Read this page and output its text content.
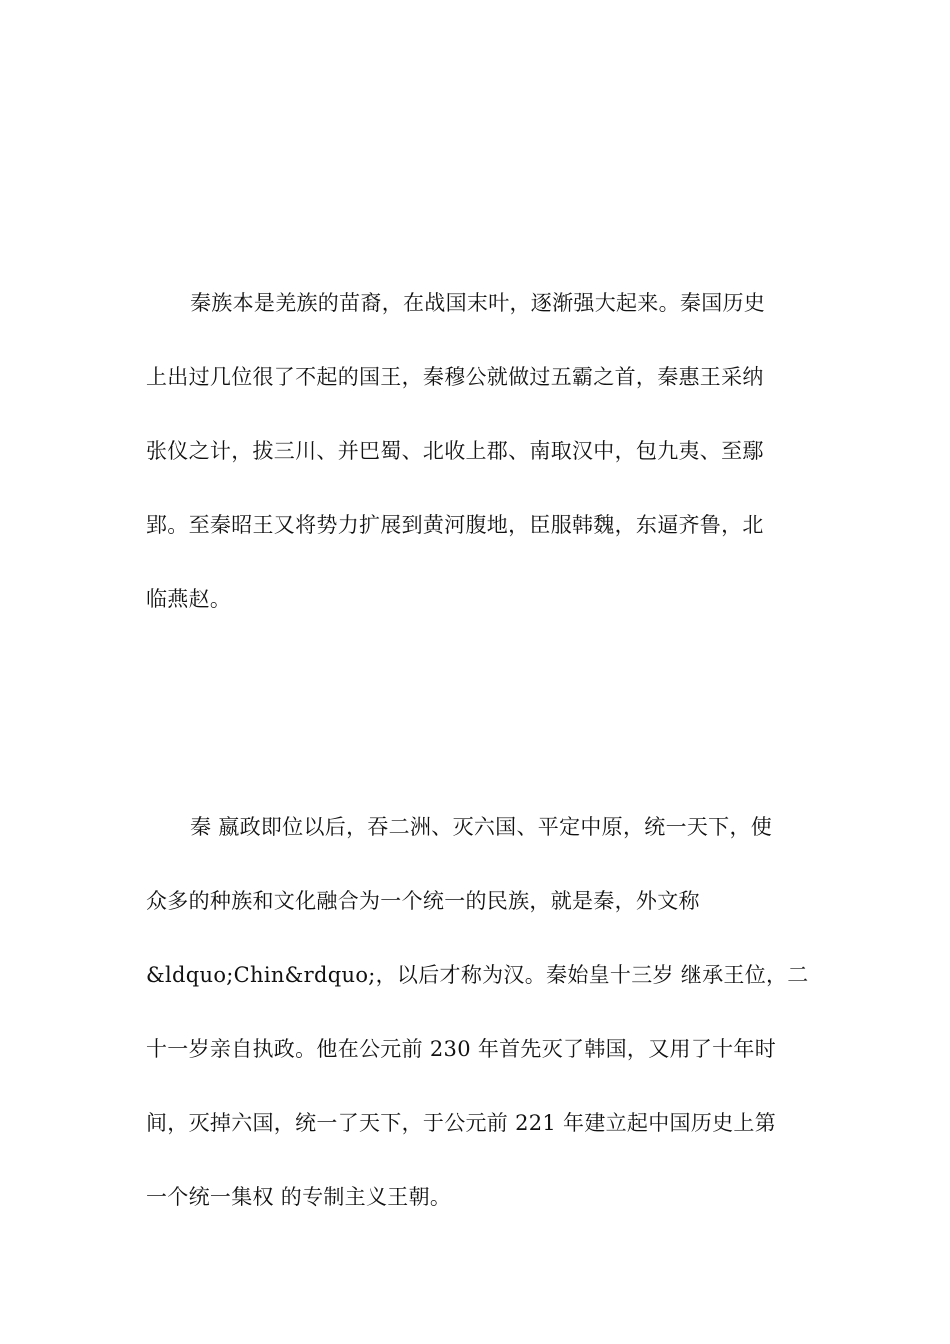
秦族本是羌族的苗裔，在战国末叶，逐渐强大起来。秦国历史
上出过几位很了不起的国王，秦穆公就做过五霸之首，秦惠王采纳
张仪之计，拔三川、并巴蜀、北收上郡、南取汉中，包九夷、至鄢
郢。至秦昭王又将势力扩展到黄河腹地，臣服韩魏，东逼齐鲁，北
临燕赵。
秦 嬴政即位以后，吞二洲、灭六国、平定中原，统一天下，使
众多的种族和文化融合为一个统一的民族，就是秦，外文称
&ldquo;Chin&rdquo;，以后才称为汉。秦始皇十三岁 继承王位，二
十一岁亲自执政。他在公元前 230 年首先灭了韩国，又用了十年时
间，灭掉六国，统一了天下，于公元前 221 年建立起中国历史上第
一个统一集权 的专制主义王朝。
